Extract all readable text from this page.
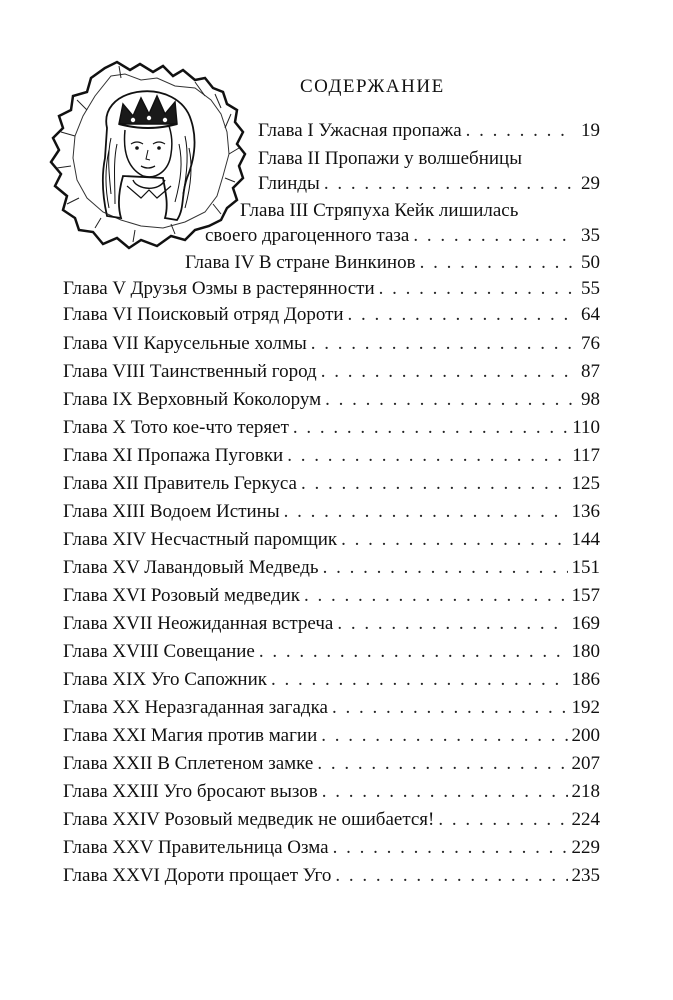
СОДЕРЖАНИЕ
Глава I Ужасная пропажа . . .	19
Глава II Пропажи у волшебницы
Глинды . . .	29
Глава III Стряпуха Кейк лишилась
своего драгоценного таза . . .	35
Глава IV В стране Винкинов . . .	50
Глава V Друзья Озмы в растерянности . . .	55
Глава VI Поисковый отряд Дороти . . .	64
Глава VII Карусельные холмы . . .	76
Глава VIII Таинственный город . . .	87
Глава IX Верховный Коколорум . . .	98
Глава X Тото кое-что теряет . . .	110
Глава XI Пропажа Пуговки . . .	117
Глава XII Правитель Геркуса . . .	125
Глава XIII Водоем Истины . . .	136
Глава XIV Несчастный паромщик . . .	144
Глава XV Лавандовый Медведь . . .	151
Глава XVI Розовый медведик . . .	157
Глава XVII Неожиданная встреча . . .	169
Глава XVIII Совещание . . .	180
Глава XIX Уго Сапожник . . .	186
Глава XX Неразгаданная загадка . . .	192
Глава XXI Магия против магии . . .	200
Глава XXII В Сплетеном замке . . .	207
Глава XXIII Уго бросают вызов . . .	218
Глава XXIV Розовый медведик не ошибается! . . .	224
Глава XXV Правительница Озма . . .	229
Глава XXVI Дороти прощает Уго . . .	235
